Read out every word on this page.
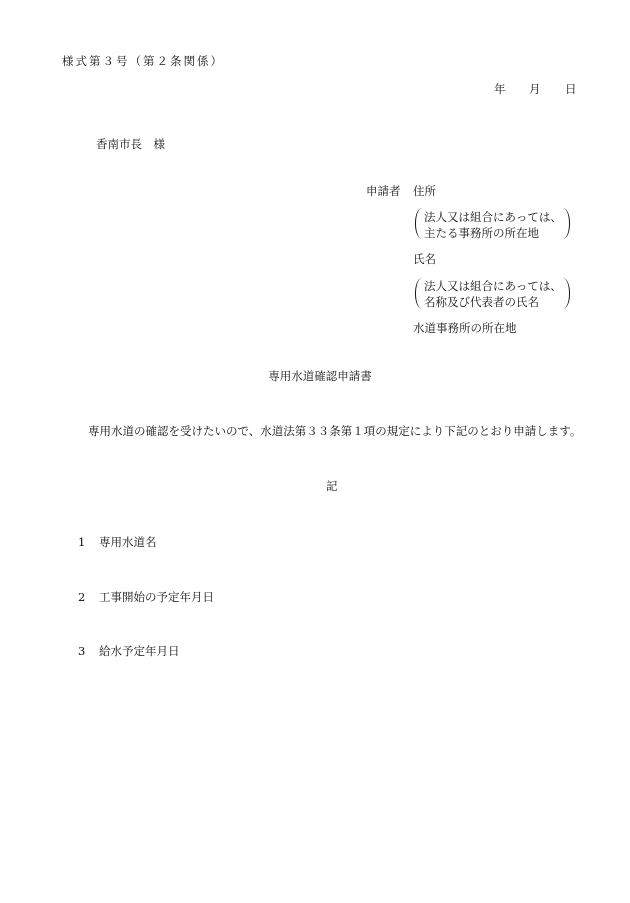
様式第３号（第２条関係）
年 月 日
香南市長　様
申請者 住所
法人又は組合にあっては、
主たる事務所の所在地
氏名
法人又は組合にあっては、
名称及び代表者の氏名
水道事務所の所在地
専用水道確認申請書
専用水道の確認を受けたいので、水道法第３３条第１項の規定により下記のとおり申請します。
記
1 専用水道名
2 工事開始の予定年月日
3 給水予定年月日
